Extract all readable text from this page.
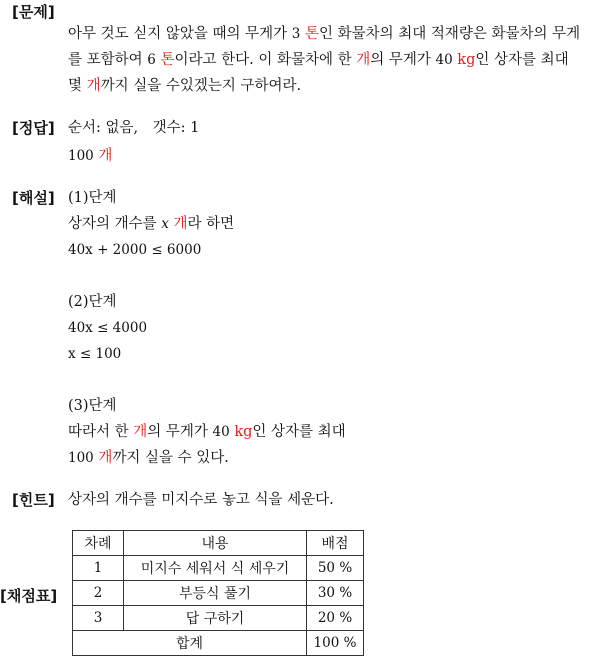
[문제]
[정답]
[해설]
[힌트]
[채점표]
아무 것도 싣지 않았을 때의 무게가 3 톤인 화물차의 최대 적재량은 화물차의 무게
를 포함하여 6 톤이라고 한다. 이 화물차에 한 개의 무게가 40 kg인 상자를 최대
몇 개까지 실을 수있겠는지 구하여라.
순서: 없음,　갯수: 1
100 개
(1)단계
상자의 개수를 x 개라 하면
40x + 2000 ≤ 6000
(2)단계
40x ≤ 4000
x ≤ 100
(3)단계
따라서 한 개의 무게가 40 kg인 상자를 최대
100 개까지 실을 수 있다.
상자의 개수를 미지수로 놓고 식을 세운다.
차례	내용	배점
1	미지수 세워서 식 세우기	50 %
2	부등식 풀기	30 %
3	답 구하기	20 %
합계		100 %
